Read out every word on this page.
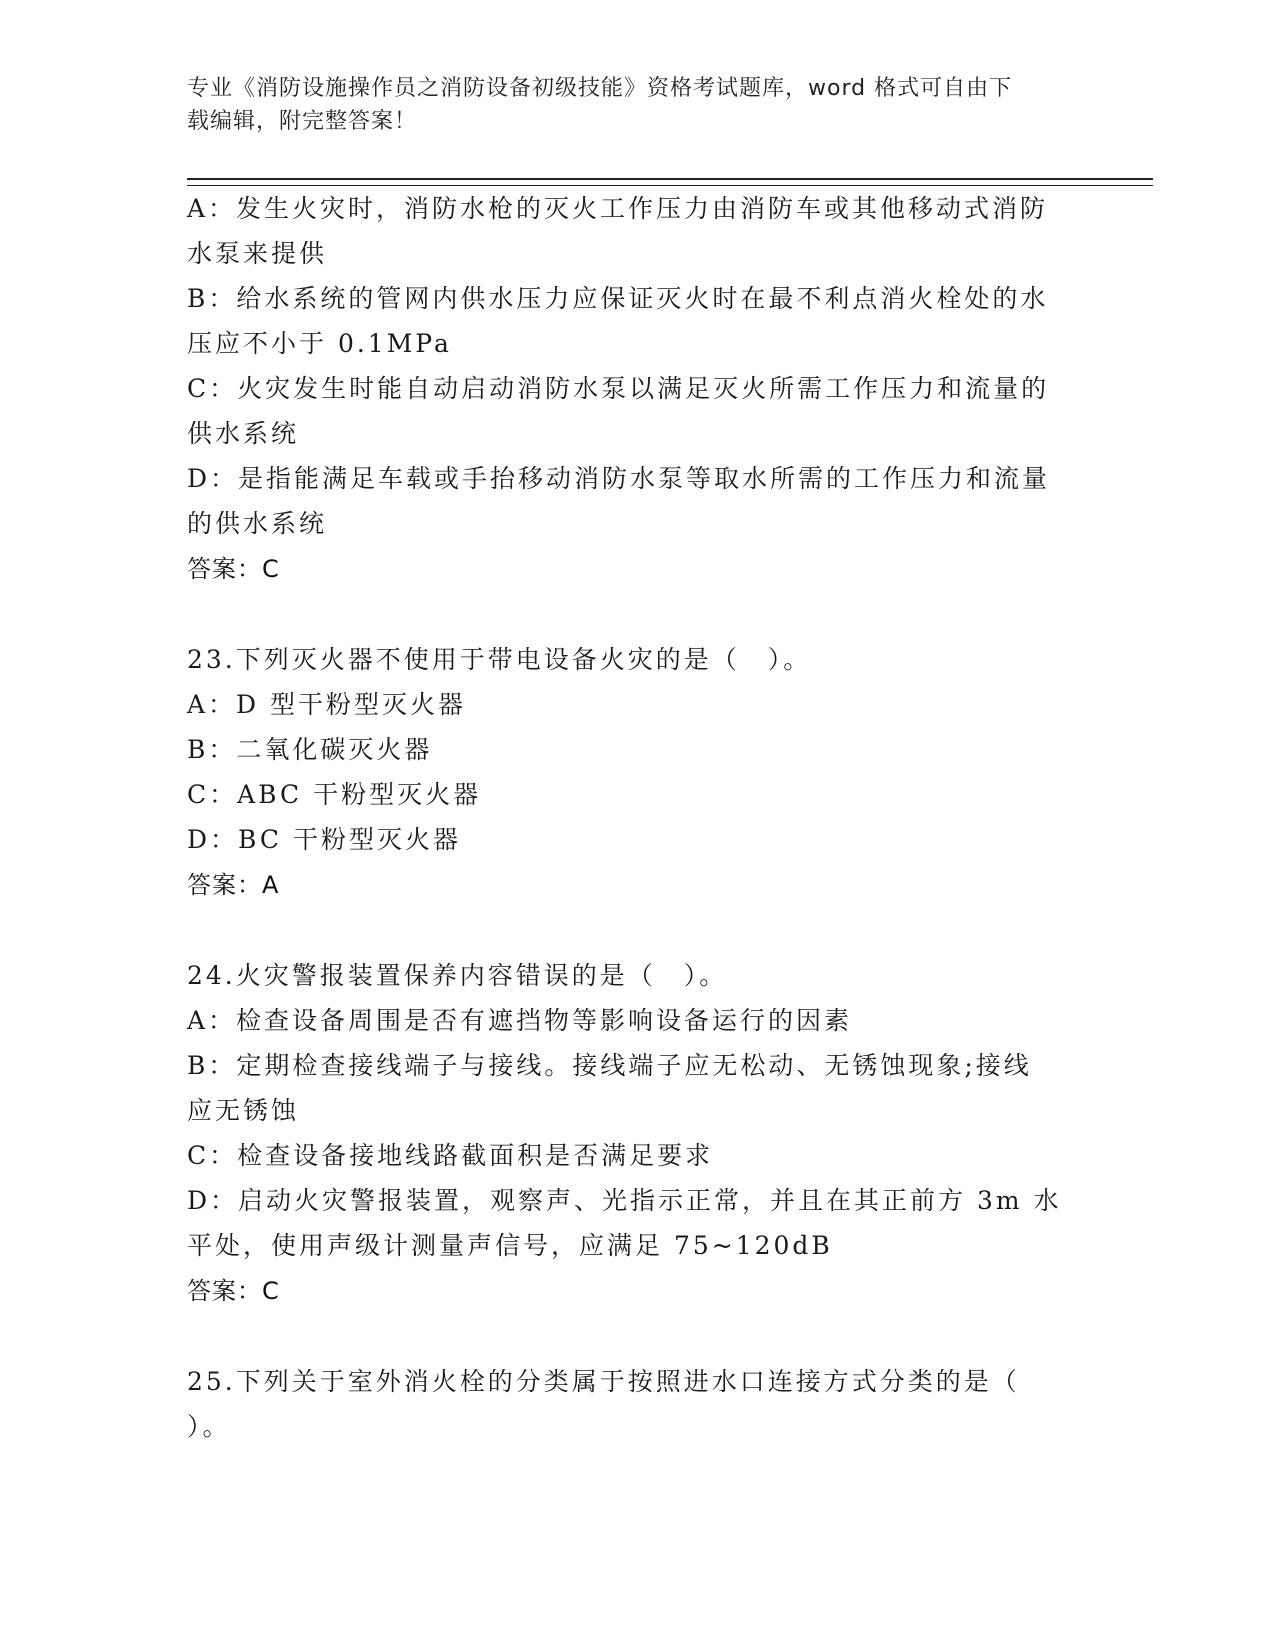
专业《消防设施操作员之消防设备初级技能》资格考试题库，word 格式可自由下
载编辑，附完整答案！
A：发生火灾时，消防水枪的灭火工作压力由消防车或其他移动式消防
水泵来提供
B：给水系统的管网内供水压力应保证灭火时在最不利点消火栓处的水
压应不小于 0.1MPa
C：火灾发生时能自动启动消防水泵以满足灭火所需工作压力和流量的
供水系统
D：是指能满足车载或手抬移动消防水泵等取水所需的工作压力和流量
的供水系统
答案：C
23.下列灭火器不使用于带电设备火灾的是（　）。
A：D 型干粉型灭火器
B：二氧化碳灭火器
C：ABC 干粉型灭火器
D：BC 干粉型灭火器
答案：A
24.火灾警报装置保养内容错误的是（　）。
A：检查设备周围是否有遮挡物等影响设备运行的因素
B：定期检查接线端子与接线。接线端子应无松动、无锈蚀现象;接线
应无锈蚀
C：检查设备接地线路截面积是否满足要求
D：启动火灾警报装置，观察声、光指示正常，并且在其正前方 3m 水
平处，使用声级计测量声信号，应满足 75~120dB
答案：C
25.下列关于室外消火栓的分类属于按照进水口连接方式分类的是（
）。
